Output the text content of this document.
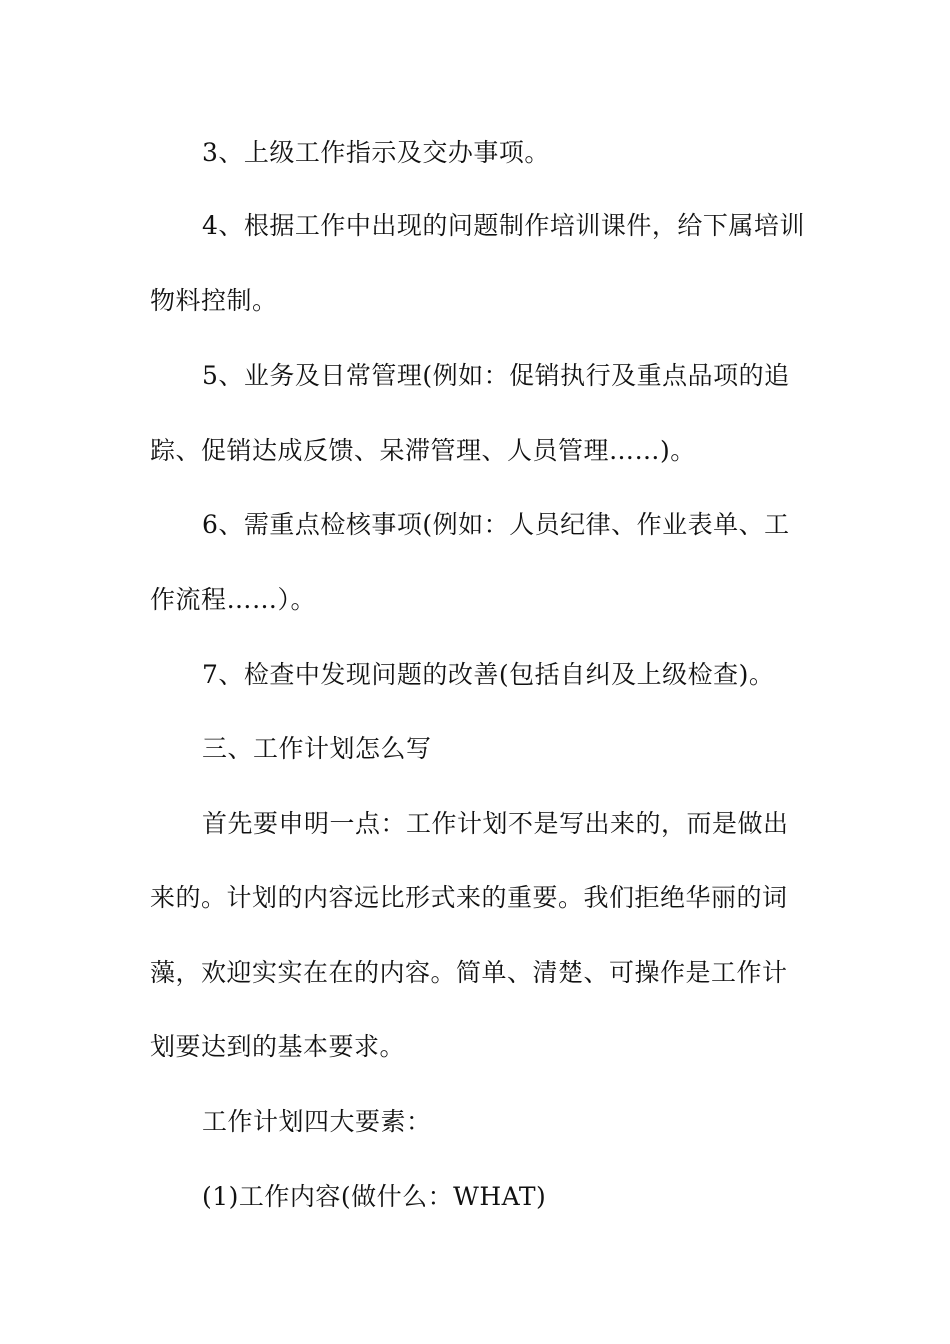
3、上级工作指示及交办事项。
4、根据工作中出现的问题制作培训课件，给下属培训
物料控制。
5、业务及日常管理(例如：促销执行及重点品项的追
踪、促销达成反馈、呆滞管理、人员管理……)。
6、需重点检核事项(例如：人员纪律、作业表单、工
作流程……）。
7、检查中发现问题的改善(包括自纠及上级检查)。
三、工作计划怎么写
首先要申明一点：工作计划不是写出来的，而是做出
来的。计划的内容远比形式来的重要。我们拒绝华丽的词
藻，欢迎实实在在的内容。简单、清楚、可操作是工作计
划要达到的基本要求。
工作计划四大要素：
(1)工作内容(做什么：WHAT)
